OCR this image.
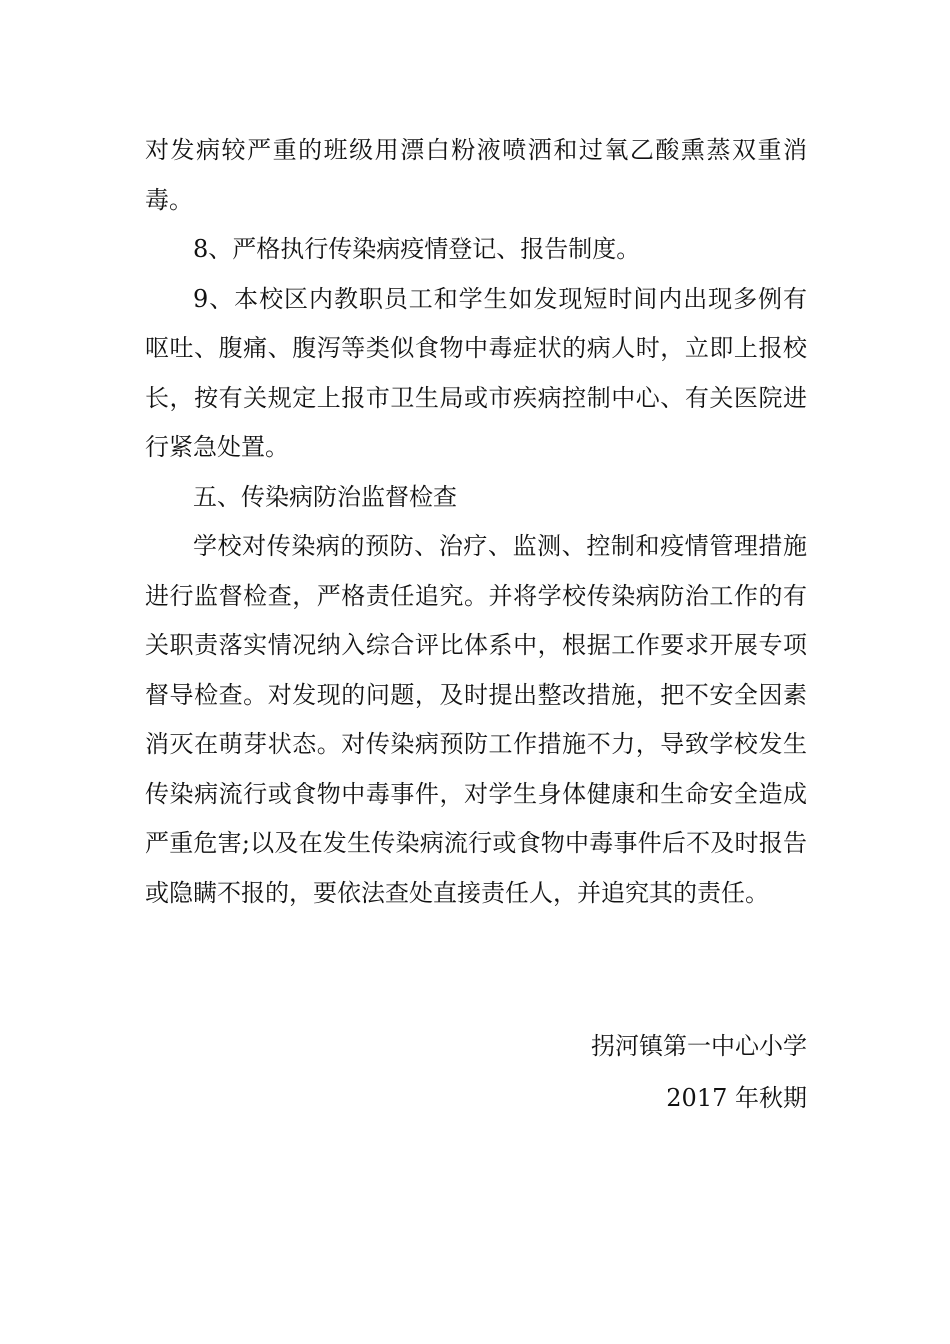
对发病较严重的班级用漂白粉液喷洒和过氧乙酸熏蒸双重消毒。

8、严格执行传染病疫情登记、报告制度。

9、本校区内教职员工和学生如发现短时间内出现多例有呕吐、腹痛、腹泻等类似食物中毒症状的病人时，立即上报校长，按有关规定上报市卫生局或市疾病控制中心、有关医院进行紧急处置。

五、传染病防治监督检查

学校对传染病的预防、治疗、监测、控制和疫情管理措施进行监督检查，严格责任追究。并将学校传染病防治工作的有关职责落实情况纳入综合评比体系中，根据工作要求开展专项督导检查。对发现的问题，及时提出整改措施，把不安全因素消灭在萌芽状态。对传染病预防工作措施不力，导致学校发生传染病流行或食物中毒事件，对学生身体健康和生命安全造成严重危害;以及在发生传染病流行或食物中毒事件后不及时报告或隐瞒不报的，要依法查处直接责任人，并追究其的责任。

拐河镇第一中心小学
2017 年秋期
